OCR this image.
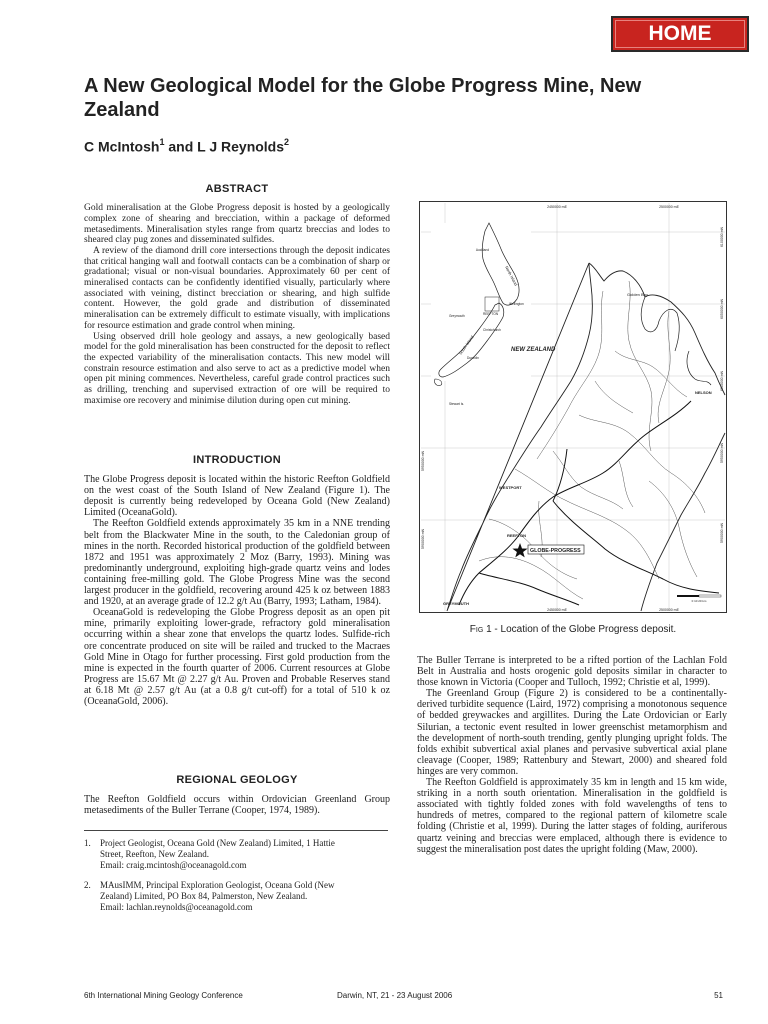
HOME
A New Geological Model for the Globe Progress Mine, New Zealand

C McIntosh$^1$ and L J Reynolds$^2$

ABSTRACT

Gold mineralisation at the Globe Progress deposit is hosted by a geologically complex zone of shearing and brecciation, within a package of deformed metasediments. Mineralisation styles range from quartz breccias and lodes to sheared clay pug zones and disseminated sulfides.

A review of the diamond drill core intersections through the deposit indicates that critical hanging wall and footwall contacts can be a combination of sharp or gradational; visual or non-visual boundaries. Approximately 60 per cent of mineralised contacts can be confidently identified visually, particularly where associated with veining, distinct brecciation or shearing, and high sulfide content. However, the gold grade and distribution of disseminated mineralisation can be extremely difficult to estimate visually, with implications for resource estimation and grade control when mining.

Using observed drill hole geology and assays, a new geologically based model for the gold mineralisation has been constructed for the deposit to reflect the expected variability of the mineralisation contacts. This new model will constrain resource estimation and also serve to act as a predictive model when open pit mining commences. Nevertheless, careful grade control practices such as drilling, trenching and supervised extraction of ore will be required to maximise ore recovery and minimise dilution during open cut mining.

INTRODUCTION

The Globe Progress deposit is located within the historic Reefton Goldfield on the west coast of the South Island of New Zealand (Figure 1). The deposit is currently being redeveloped by Oceana Gold (New Zealand) Limited (OceanaGold).

The Reefton Goldfield extends approximately 35 km in a NNE trending belt from the Blackwater Mine in the south, to the Caledonian group of mines in the north. Recorded historical production of the goldfield between 1872 and 1951 was approximately 2 Moz (Barry, 1993). Mining was predominantly underground, exploiting high-grade quartz veins and lodes containing free-milling gold. The Globe Progress Mine was the second largest producer in the goldfield, recovering around 425 k oz between 1883 and 1920, at an average grade of 12.2 g/t Au (Barry, 1993; Latham, 1984).

OceanaGold is redeveloping the Globe Progress deposit as an open pit mine, primarily exploiting lower-grade, refractory gold mineralisation occurring within a shear zone that envelops the quartz lodes. Sulfide-rich ore concentrate produced on site will be railed and trucked to the Macraes Gold Mine in Otago for further processing. First gold production from the mine is expected in the fourth quarter of 2006. Current resources at Globe Progress are 15.67 Mt @ 2.27 g/t Au. Proven and Probable Reserves stand at 6.18 Mt @ 2.57 g/t Au (at a 0.8 g/t cut-off) for a total of 510 k oz (OceanaGold, 2006).

REGIONAL GEOLOGY

The Reefton Goldfield occurs within Ordovician Greenland Group metasediments of the Buller Terrane (Cooper, 1974, 1989).

1. Project Geologist, Oceana Gold (New Zealand) Limited, 1 Hattie
Street, Reefton, New Zealand.
Email: craig.mcintosh@oceanagold.com
2. MAusIMM, Principal Exploration Geologist, Oceana Gold (New
Zealand) Limited, PO Box 84, Palmerston, New Zealand.
Email: lachlan.reynolds@oceanagold.com
2450000 mE	2500000 mE
2450000 mE	2500000 mE
5950000 mN
5900000 mN
6100000 mN
6050000 mN
6000000 mN
5950000 mN
5900000 mN
Auckland
Wellington
Greymouth	REEFTON
Christchurch
Dunedin
Stewart Is.
North Island
South Island	NEW ZEALAND
Golden Bay
NELSON
WESTPORT
REEFTON
GLOBE-PROGRESS
GREYMOUTH	0 10 20 km
Fig 1 - Location of the Globe Progress deposit.

The Buller Terrane is interpreted to be a rifted portion of the Lachlan Fold Belt in Australia and hosts orogenic gold deposits similar in character to those known in Victoria (Cooper and Tulloch, 1992; Christie et al, 1999).

The Greenland Group (Figure 2) is considered to be a continentally-derived turbidite sequence (Laird, 1972) comprising a monotonous sequence of bedded greywackes and argillites. During the Late Ordovician or Early Silurian, a tectonic event resulted in lower greenschist metamorphism and the development of north-south trending, gently plunging upright folds. The folds exhibit subvertical axial planes and pervasive subvertical axial plane cleavage (Cooper, 1989; Rattenbury and Stewart, 2000) and sheared fold hinges are very common.

The Reefton Goldfield is approximately 35 km in length and 15 km wide, striking in a north south orientation. Mineralisation in the goldfield is associated with tightly folded zones with fold wavelengths of tens to hundreds of metres, compared to the regional pattern of kilometre scale folding (Christie et al, 1999). During the latter stages of folding, auriferous quartz veining and breccias were emplaced, although there is evidence to suggest the mineralisation post dates the upright folding (Maw, 2000).

6th International Mining Geology Conference	Darwin, NT, 21 - 23 August 2006	51
